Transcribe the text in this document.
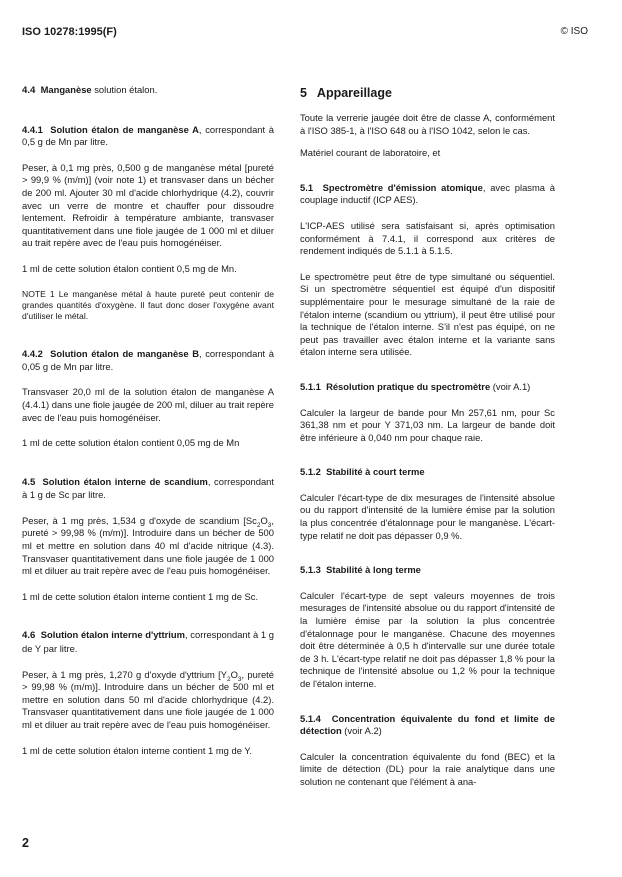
ISO 10278:1995(F)	© ISO

4.4 Manganèse solution étalon.

4.4.1 Solution étalon de manganèse A, correspondant à 0,5 g de Mn par litre.

Peser, à 0,1 mg près, 0,500 g de manganèse métal [pureté > 99,9 % (m/m)] (voir note 1) et transvaser dans un bécher de 200 ml. Ajouter 30 ml d'acide chlorhydrique (4.2), couvrir avec un verre de montre et chauffer pour dissoudre lentement. Refroidir à température ambiante, transvaser quantitativement dans une fiole jaugée de 1 000 ml et diluer au trait repère avec de l'eau puis homogénéiser.

1 ml de cette solution étalon contient 0,5 mg de Mn.

NOTE 1 Le manganèse métal à haute pureté peut contenir de grandes quantités d'oxygène. Il faut donc doser l'oxygène avant d'utiliser le métal.

4.4.2 Solution étalon de manganèse B, correspondant à 0,05 g de Mn par litre.

Transvaser 20,0 ml de la solution étalon de manganèse A (4.4.1) dans une fiole jaugée de 200 ml, diluer au trait repère avec de l'eau puis homogénéiser.

1 ml de cette solution étalon contient 0,05 mg de Mn

4.5 Solution étalon interne de scandium, correspondant à 1 g de Sc par litre.

Peser, à 1 mg près, 1,534 g d'oxyde de scandium [$Sc_2O_3$, pureté > 99,98 % (m/m)]. Introduire dans un bécher de 500 ml et mettre en solution dans 40 ml d'acide nitrique (4.3). Transvaser quantitativement dans une fiole jaugée de 1 000 ml et diluer au trait repère avec de l'eau puis homogénéiser.

1 ml de cette solution étalon interne contient 1 mg de Sc.

4.6 Solution étalon interne d'yttrium, correspondant à 1 g de Y par litre.

Peser, à 1 mg près, 1,270 g d'oxyde d'yttrium [$Y_2O_3$, pureté > 99,98 % (m/m)]. Introduire dans un bécher de 500 ml et mettre en solution dans 50 ml d'acide chlorhydrique (4.2). Transvaser quantitativement dans une fiole jaugée de 1 000 ml et diluer au trait repère avec de l'eau puis homogénéiser.

1 ml de cette solution étalon interne contient 1 mg de Y.

5 Appareillage

Toute la verrerie jaugée doit être de classe A, conformément à l'ISO 385-1, à l'ISO 648 ou à l'ISO 1042, selon le cas.

Matériel courant de laboratoire, et

5.1 Spectromètre d'émission atomique, avec plasma à couplage inductif (ICP AES).

L'ICP-AES utilisé sera satisfaisant si, après optimisation conformément à 7.4.1, il correspond aux critères de rendement indiqués de 5.1.1 à 5.1.5.

Le spectromètre peut être de type simultané ou séquentiel. Si un spectromètre séquentiel est équipé d'un dispositif supplémentaire pour le mesurage simultané de la raie de l'étalon interne (scandium ou yttrium), il peut être utilisé pour la technique de l'étalon interne. S'il n'est pas équipé, on ne peut pas travailler avec étalon interne et la variante sans étalon interne sera utilisée.

5.1.1 Résolution pratique du spectromètre (voir A.1)

Calculer la largeur de bande pour Mn 257,61 nm, pour Sc 361,38 nm et pour Y 371,03 nm. La largeur de bande doit être inférieure à 0,040 nm pour chaque raie.

5.1.2 Stabilité à court terme

Calculer l'écart-type de dix mesurages de l'intensité absolue ou du rapport d'intensité de la lumière émise par la solution la plus concentrée d'étalonnage pour le manganèse. L'écart-type relatif ne doit pas dépasser 0,9 %.

5.1.3 Stabilité à long terme

Calculer l'écart-type de sept valeurs moyennes de trois mesurages de l'intensité absolue ou du rapport d'intensité de la lumière émise par la solution la plus concentrée d'étalonnage pour le manganèse. Chacune des moyennes doit être déterminée à 0,5 h d'intervalle sur une durée totale de 3 h. L'écart-type relatif ne doit pas dépasser 1,8 % pour la technique de l'intensité absolue ou 1,2 % pour la technique de l'étalon interne.

5.1.4 Concentration équivalente du fond et limite de détection (voir A.2)

Calculer la concentration équivalente du fond (BEC) et la limite de détection (DL) pour la raie analytique dans une solution ne contenant que l'élément à ana-

2
